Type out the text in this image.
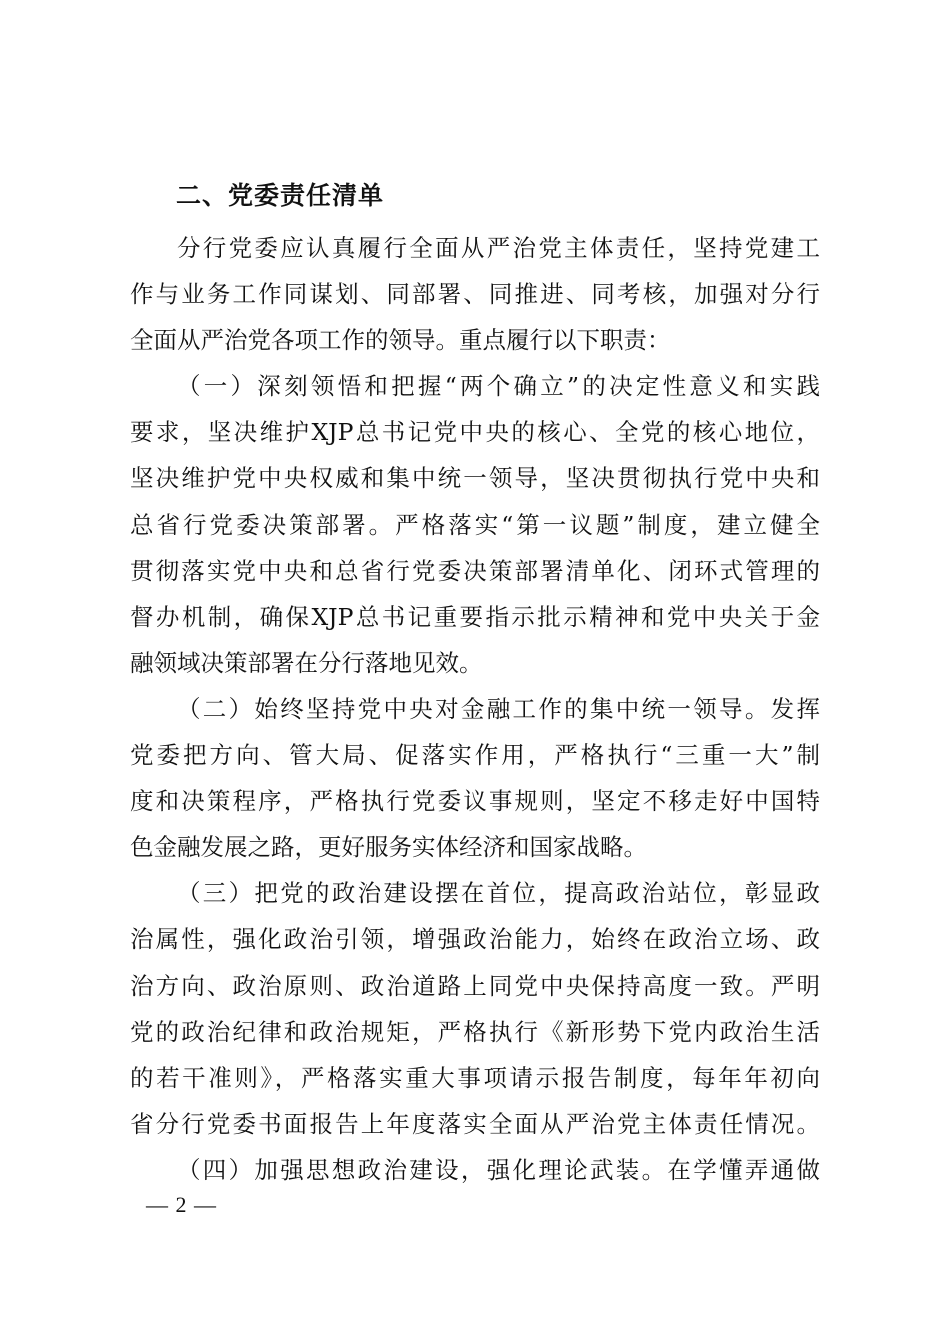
二、党委责任清单

分行党委应认真履行全面从严治党主体责任，坚持党建工
作与业务工作同谋划、同部署、同推进、同考核，加强对分行
全面从严治党各项工作的领导。重点履行以下职责：

（一）深刻领悟和把握“两个确立”的决定性意义和实践
要求，坚决维护XJP总书记党中央的核心、全党的核心地位，
坚决维护党中央权威和集中统一领导，坚决贯彻执行党中央和
总省行党委决策部署。严格落实“第一议题”制度，建立健全
贯彻落实党中央和总省行党委决策部署清单化、闭环式管理的
督办机制，确保XJP总书记重要指示批示精神和党中央关于金
融领域决策部署在分行落地见效。

（二）始终坚持党中央对金融工作的集中统一领导。发挥
党委把方向、管大局、促落实作用，严格执行“三重一大”制
度和决策程序，严格执行党委议事规则，坚定不移走好中国特
色金融发展之路，更好服务实体经济和国家战略。

（三）把党的政治建设摆在首位，提高政治站位，彰显政
治属性，强化政治引领，增强政治能力，始终在政治立场、政
治方向、政治原则、政治道路上同党中央保持高度一致。严明
党的政治纪律和政治规矩，严格执行《新形势下党内政治生活
的若干准则》，严格落实重大事项请示报告制度，每年年初向
省分行党委书面报告上年度落实全面从严治党主体责任情况。

（四）加强思想政治建设，强化理论武装。在学懂弄通做

— 2 —
